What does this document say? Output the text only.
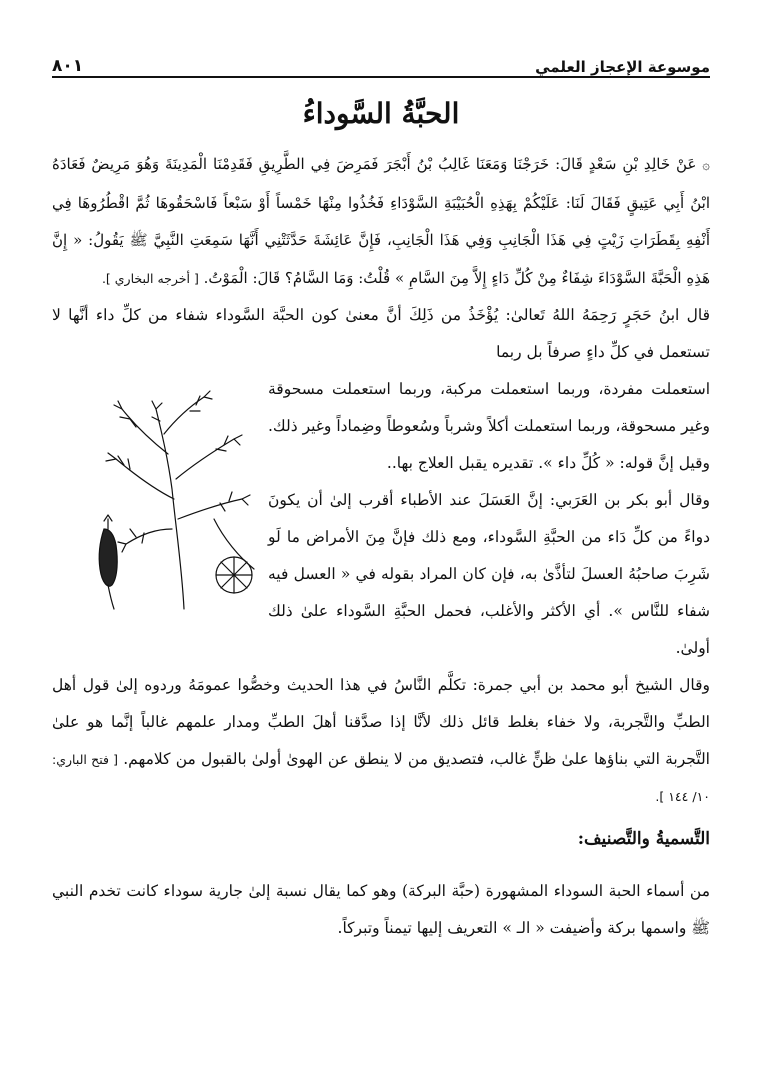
موسوعة الإعجاز العلمي
٨٠١
الحبَّةُ السَّوداءُ

۞ عَنْ خَالِدِ بْنِ سَعْدٍ قَالَ: خَرَجْنَا وَمَعَنَا غَالِبُ بْنُ أَبْجَرَ فَمَرِضَ فِي الطَّرِيقِ فَقَدِمْنَا الْمَدِينَةَ وَهُوَ مَرِيضٌ فَعَادَهُ ابْنُ أَبِي عَتِيقٍ فَقَالَ لَنَا: عَلَيْكُمْ بِهَذِهِ الْحُبَيْبَةِ السَّوْدَاءِ فَخُذُوا مِنْهَا خَمْساً أَوْ سَبْعاً فَاسْحَقُوهَا ثُمَّ اقْطُرُوهَا فِي أَنْفِهِ بِقَطَرَاتِ زَيْتٍ فِي هَذَا الْجَانِبِ وَفِي هَذَا الْجَانِبِ، فَإِنَّ عَائِشَةَ حَدَّثَتْنِي أَنَّهَا سَمِعَتِ النَّبِيَّ ﷺ يَقُولُ: « إِنَّ هَذِهِ الْحَبَّةَ السَّوْدَاءَ شِفَاءٌ مِنْ كُلِّ دَاءٍ إِلاَّ مِنَ السَّامِ » قُلْتُ: وَمَا السَّامُ؟ قَالَ: الْمَوْتُ. [ أخرجه البخاري ].

قال ابنُ حَجَرٍ رَحِمَهُ اللهُ تَعالىٰ: يُؤْخَذُ من ذَلِكَ أنَّ معنىٰ كون الحبَّة السَّوداء شفاء من كلِّ داء أنَّها لا تستعمل في كلِّ داءٍ صرفاً بل ربما

استعملت مفردة، وربما استعملت مركبة، وربما استعملت مسحوقة وغير مسحوقة، وربما استعملت أكلاً وشرباً وسُعوطاً وضِماداً وغير ذلك. وقيل إنَّ قوله: « كُلِّ داء ». تقديره يقبل العلاج بها..

وقال أبو بكر بن العَرَبي: إنَّ العَسَلَ عند الأطباء أقرب إلىٰ أن يكونَ دواءً من كلِّ دَاء من الحبَّةِ السَّوداء، ومع ذلك فإنَّ مِنَ الأمراض ما لَو شَرِبَ صاحبُهُ العسلَ لتأذَّىٰ به، فإن كان المراد بقوله في « العسل فيه شفاء للنَّاس ». أي الأكثر والأغلب، فحمل الحبَّةِ السَّوداء علىٰ ذلك أولىٰ.

وقال الشيخ أبو محمد بن أبي جمرة: تكلَّم النَّاسُ في هذا الحديث وخصُّوا عمومَهُ وردوه إلىٰ قول أهل الطبِّ والتَّجربة، ولا خفاء بغلط قائل ذلك لأنَّا إذا صدَّقنا أهلَ الطبِّ ومدار علمهم غالباً إنَّما هو علىٰ التَّجربة التي بناؤها علىٰ ظنٍّ غالب، فتصديق من لا ينطق عن الهوىٰ أولىٰ بالقبول من كلامهم. [ فتح الباري: ١٠/ ١٤٤ ].

التَّسميةُ والتَّصنيف:

من أسماء الحبة السوداء المشهورة (حبَّة البركة) وهو كما يقال نسبة إلىٰ جارية سوداء كانت تخدم النبي ﷺ واسمها بركة وأضيفت « الـ » التعريف إليها تيمناً وتبركاً.
